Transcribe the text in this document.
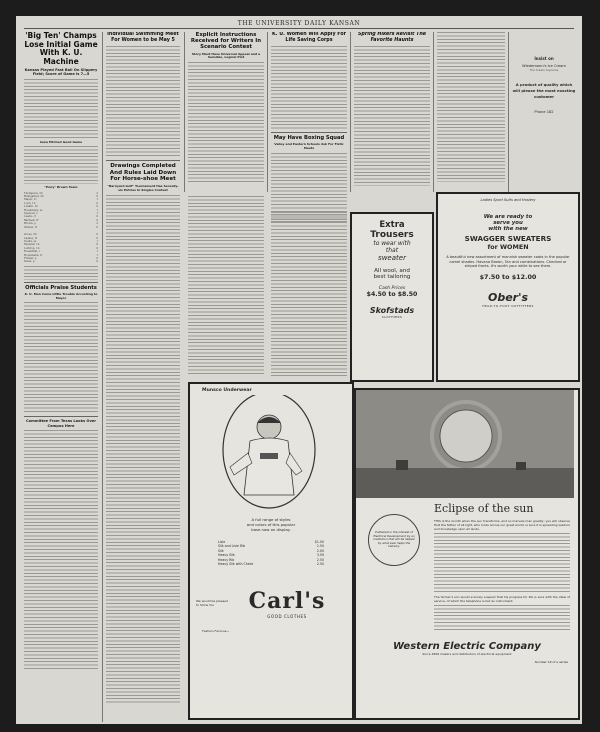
THE UNIVERSITY DAILY KANSAN
'Big Ten' Champs Lose Initial Game With K. U. Machine
Kansas Played Fast Ball On Slippery Field; Score of Game is 7—5
Iowa Pitched Good Game
"Pony" Brown Team
Thompson, 2b	2
Bumgarner, 3b	0
Mayer, 1f	1
Loyd, 1b	0
Luskin, 1b	0
Rosenberg, ss	1
Spencer, c	1
Leads, cf	0
Barbeur, rf	0
Brown, p	2
Ohlson, rf	0
Gross, 3b	0
Laskey, 1f	0
Voeltz, ss	1
Mosmer, 1b	0
Lothrop, 1b	0
Rosenthal, c	1
Hopemann, rf	1
Frazier, p	0
Davis, p	0
Officials Praise Students
K. U. Men Come Little Trouble According to Mayor
Committee From Texas Looks Over Campus Here
Individual Swimming Meet For Women to be May 5
Drawings Completed And Rules Laid Down For Horse-shoe Meet
"Barnyard Golf" Tournament Has Seventy-six Entries In Singles Contest
Explicit Instructions Received for Writers In Scenario Contest
Story Must Have Universal Appeal and a Sensible, Logical Plot
K. U. Women Will Apply For Life Saving Corps
May Have Boxing Squad
Valley and Eastern Schools Ask For Fistic Meets
Spring Hikers Revisit The Favorite Haunts
Insist on
Wiedemann's Ice Cream
The Cream Supreme
A product of quality which will please the most exacting customer
Phone 182
Extra
Trousers
to wear with
that
sweater
All wool, and
best tailoring
Cash Prices
$4.50 to $8.50
Skofstads
CLOTHIERS
Ladies Sport Suits and Hosiery
We are ready to
serve you
with the new
SWAGGER SWEATERS
for WOMEN
A beautiful new assortment of mannish sweater coats in the popular camel shades. Havana Brown, Tan and combinations. Checked or striped fronts. It's worth your while to see them.
$7.50 to $12.00
Ober's
HEAD-TO-FOOT OUTFITTERS
Munsco Underwear
A full range of styles
and colors of this popular
base now on display.
Lisle	$1.00
Silk and Lisle Rib	1.50
Silk	2.00
Heavy Silk	3.50
Heavy Rib	2.50
Heavy Silk with Check	2.50
We would be pleased to Show You	Carl's
GOOD CLOTHES
Fashion Famous—
Published in the interest of Electrical Development by an Institution that will be helped by what ever helps the Industry.
Eclipse of the sun
THIS is the month when the sun transforms, and so marvels man greatly; you will observe that the father of all light, who looks across our great world, is sure it is spreading wisdom and knowledge upon all lands.
The farmer's son would scarcely suspect that his progress for life is sure with the ideal of service, of which the telephone is but an instrument.
Western Electric Company
Since 1869 makers and distributors of electrical equipment
Number 16 of a series
